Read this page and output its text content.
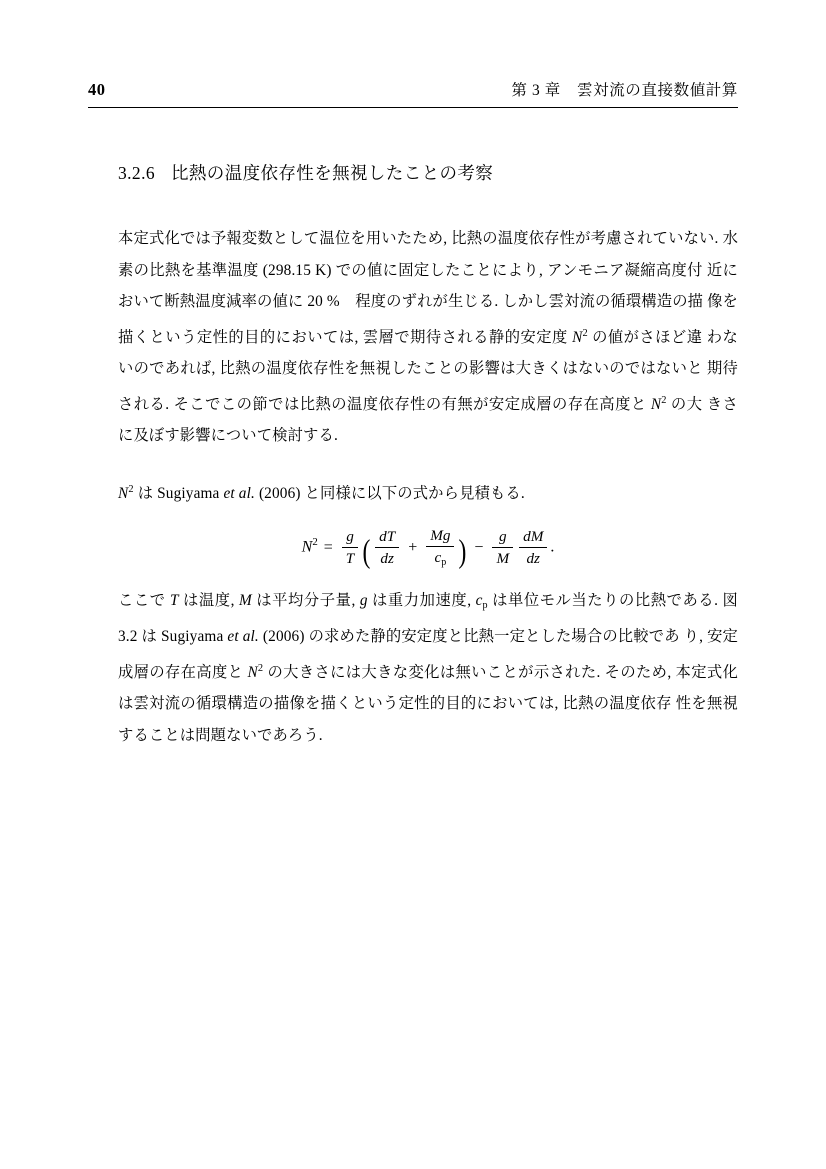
40	第 3 章　雲対流の直接数値計算
3.2.6 比熱の温度依存性を無視したことの考察

本定式化では予報変数として温位を用いたため, 比熱の温度依存性が考慮されていない. 水素の比熱を基準温度 (298.15 K) での値に固定したことにより, アンモニア凝縮高度付 近において断熱温度減率の値に 20 %　程度のずれが生じる. しかし雲対流の循環構造の描 像を描くという定性的目的においては, 雲層で期待される静的安定度 $N^2$ の値がさほど違 わないのであれば, 比熱の温度依存性を無視したことの影響は大きくはないのではないと 期待される. そこでこの節では比熱の温度依存性の有無が安定成層の存在高度と $N^2$ の大 きさに及ぼす影響について検討する.

$N^2$ は Sugiyama et al. (2006) と同様に以下の式から見積もる.

$N^2 = \frac{g}{T}$ ( $\frac{dT}{dz} + \frac{Mg}{c_p}$ ) − $\frac{g}{M} \frac{dM}{dz}$ .

ここで T は温度, M は平均分子量, g は重力加速度, $c_p$ は単位モル当たりの比熱である. 図 3.2 は Sugiyama et al. (2006) の求めた静的安定度と比熱一定とした場合の比較であ り, 安定成層の存在高度と $N^2$ の大きさには大きな変化は無いことが示された. そのため, 本定式化は雲対流の循環構造の描像を描くという定性的目的においては, 比熱の温度依存 性を無視することは問題ないであろう.
